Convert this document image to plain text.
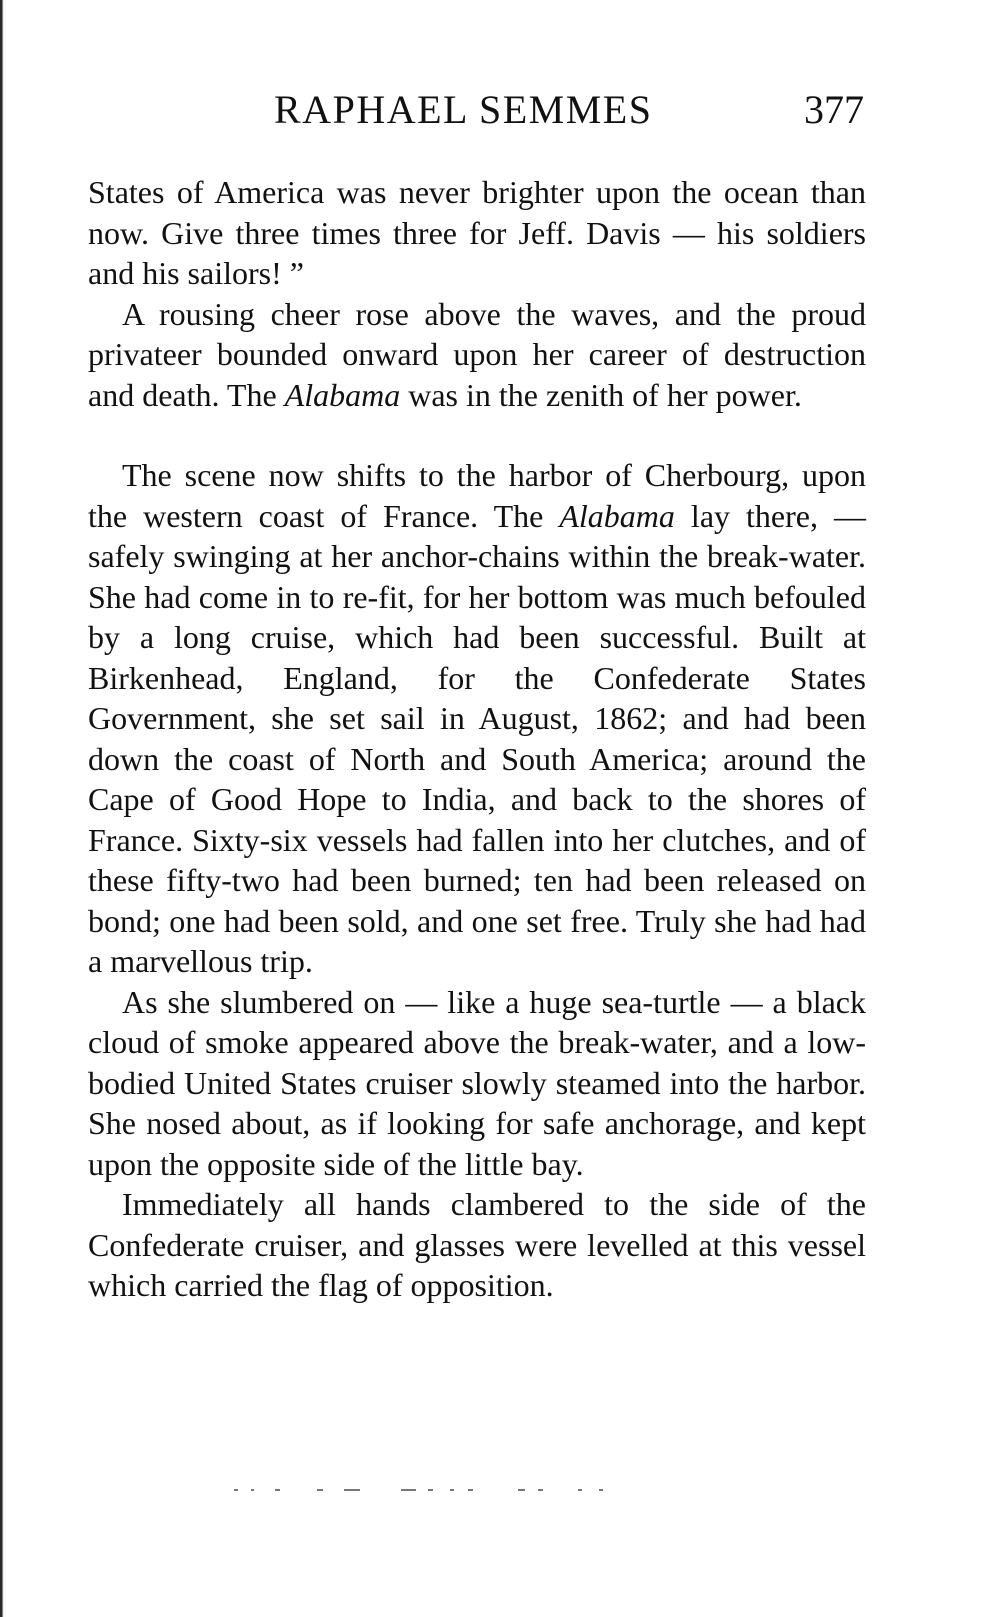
RAPHAEL SEMMES	377

States of America was never brighter upon the ocean than now. Give three times three for Jeff. Davis — his soldiers and his sailors! ”

A rousing cheer rose above the waves, and the proud privateer bounded onward upon her career of destruction and death. The Alabama was in the zenith of her power.

The scene now shifts to the harbor of Cherbourg, upon the western coast of France. The Alabama lay there, — safely swinging at her anchor-chains within the break-water. She had come in to re-fit, for her bottom was much befouled by a long cruise, which had been successful. Built at Birkenhead, England, for the Confederate States Government, she set sail in August, 1862; and had been down the coast of North and South America; around the Cape of Good Hope to India, and back to the shores of France. Sixty-six vessels had fallen into her clutches, and of these fifty-two had been burned; ten had been released on bond; one had been sold, and one set free. Truly she had had a marvellous trip.

As she slumbered on — like a huge sea-turtle — a black cloud of smoke appeared above the break-water, and a low-bodied United States cruiser slowly steamed into the harbor. She nosed about, as if looking for safe anchorage, and kept upon the opposite side of the little bay.

Immediately all hands clambered to the side of the Confederate cruiser, and glasses were levelled at this vessel which carried the flag of opposition.
